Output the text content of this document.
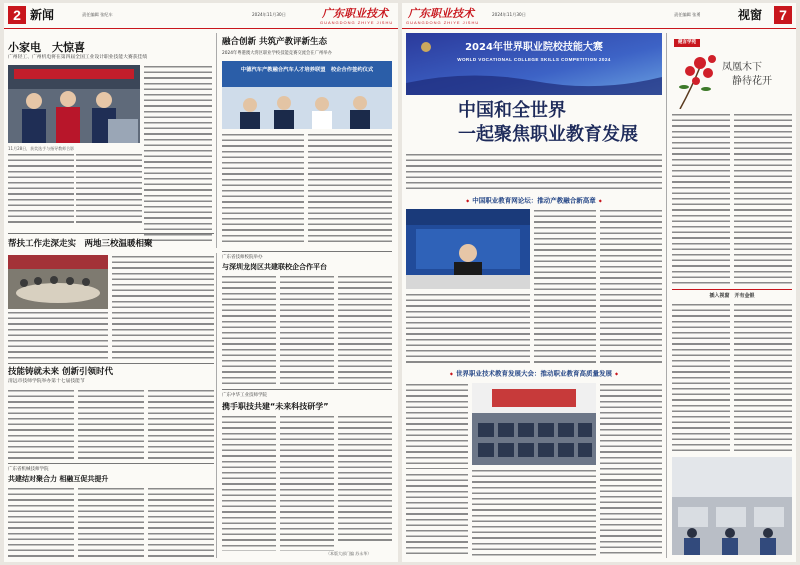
2 新闻	责任编辑 张纪车	2024年11月30日	广东职业技术
GUANGDONG ZHIYE JISHU
小家电　大惊喜
广州轻工、广州机电将在第四届全国工业设计职业技能大赛获佳绩
11月28日，获奖选手与指导教师合影
融合创新 共筑产教评新生态
2024年粤港澳大湾区职业学校技能竞赛交流会在广州举办
中德汽车产教融合汽车人才培养联盟　校企合作签约仪式
帮扶工作走深走实　两地三校温暖相聚
技能铸就未来 创新引领时代
清远市技师学院举办第十七届技能节
广东省机械技师学院
共建结对聚合力 相融互促共提升
广东省技师校院举办
与深圳龙岗区共建联校企合作平台
广东中华工业技师学院
携手职技共建“未来科技研学”
（本版大部门编 苏永华）
广东职业技术
GUANGDONG ZHIYE JISHU
2024年11月30日	责任编辑 张勇	视窗	7
2024年世界职业院校技能大赛
WORLD VOCATIONAL COLLEGE SKILLS COMPETITION 2024
中国和全世界
一起聚焦职业教育发展
◆ 中国职业教育网论坛：推动产教融合新高章 ◆
◆ 世界职业技术教育发展大会：推动职业教育高质量发展 ◆
健言学苑
凤凰木下
静待花开
插入视窗　开有金银
